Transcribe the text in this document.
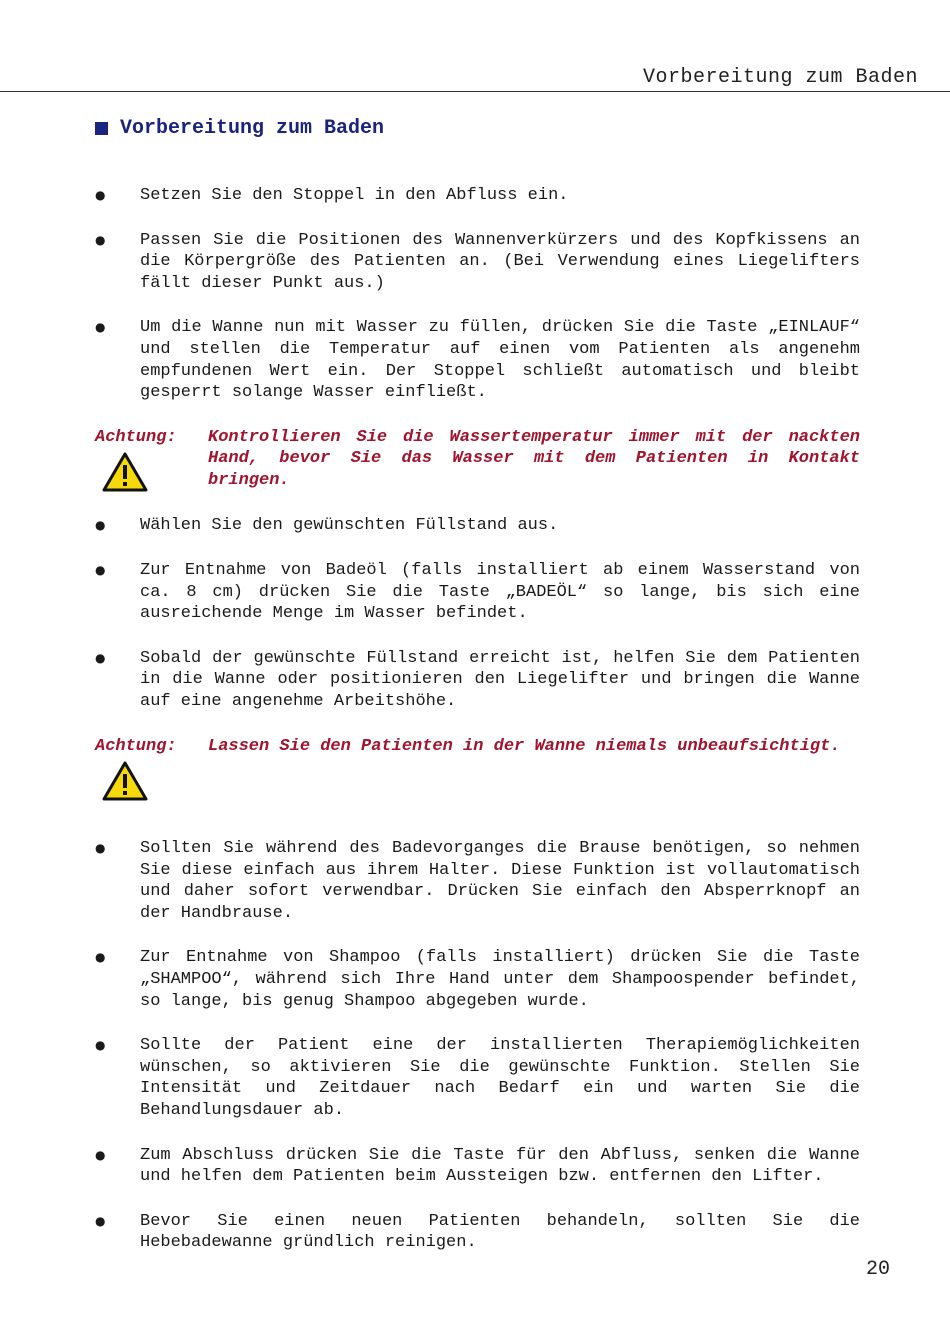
Vorbereitung zum Baden
Vorbereitung zum Baden
●	Setzen Sie den Stoppel in den Abfluss ein.
●	Passen Sie die Positionen des Wannenverkürzers und des Kopfkissens an die Körpergröße des Patienten an. (Bei Verwendung eines Liegelifters fällt dieser Punkt aus.)
●	Um die Wanne nun mit Wasser zu füllen, drücken Sie die Taste „EINLAUF“ und stellen die Temperatur auf einen vom Patienten als angenehm empfundenen Wert ein. Der Stoppel schließt automatisch und bleibt gesperrt solange Wasser einfließt.
Achtung:	Kontrollieren Sie die Wassertemperatur immer mit der nackten Hand, bevor Sie das Wasser mit dem Patienten in Kontakt bringen.
●	Wählen Sie den gewünschten Füllstand aus.
●	Zur Entnahme von Badeöl (falls installiert ab einem Wasserstand von ca. 8 cm) drücken Sie die Taste „BADEÖL“ so lange, bis sich eine ausreichende Menge im Wasser befindet.
●	Sobald der gewünschte Füllstand erreicht ist, helfen Sie dem Patienten in die Wanne oder positionieren den Liegelifter und bringen die Wanne auf eine angenehme Arbeitshöhe.
Achtung:	Lassen Sie den Patienten in der Wanne niemals unbeaufsichtigt.
●	Sollten Sie während des Badevorganges die Brause benötigen, so nehmen Sie diese einfach aus ihrem Halter. Diese Funktion ist vollautomatisch und daher sofort verwendbar. Drücken Sie einfach den Absperrknopf an der Handbrause.
●	Zur Entnahme von Shampoo (falls installiert) drücken Sie die Taste „SHAMPOO“, während sich Ihre Hand unter dem Shampoospender befindet, so lange, bis genug Shampoo abgegeben wurde.
●	Sollte der Patient eine der installierten Therapiemöglichkeiten wünschen, so aktivieren Sie die gewünschte Funktion. Stellen Sie Intensität und Zeitdauer nach Bedarf ein und warten Sie die Behandlungsdauer ab.
●	Zum Abschluss drücken Sie die Taste für den Abfluss, senken die Wanne und helfen dem Patienten beim Aussteigen bzw. entfernen den Lifter.
●	Bevor Sie einen neuen Patienten behandeln, sollten Sie die Hebebadewanne gründlich reinigen.
20
